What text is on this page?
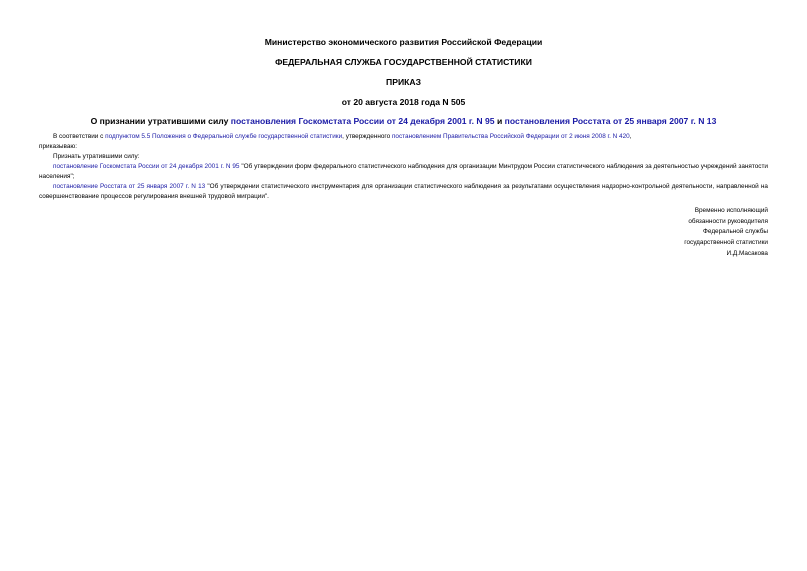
Министерство экономического развития Российской Федерации
ФЕДЕРАЛЬНАЯ СЛУЖБА ГОСУДАРСТВЕННОЙ СТАТИСТИКИ
ПРИКАЗ
от 20 августа 2018 года N 505
О признании утратившими силу постановления Госкомстата России от 24 декабря 2001 г. N 95 и постановления Росстата от 25 января 2007 г. N 13

В соответствии с подпунктом 5.5 Положения о Федеральной службе государственной статистики, утвержденного постановлением Правительства Российской Федерации от 2 июня 2008 г. N 420,

приказываю:

Признать утратившими силу:

постановление Госкомстата России от 24 декабря 2001 г. N 95 "Об утверждении форм федерального статистического наблюдения для организации Минтрудом России статистического наблюдения за деятельностью учреждений занятости населения";

постановление Росстата от 25 января 2007 г. N 13 "Об утверждении статистического инструментария для организации статистического наблюдения за результатами осуществления надзорно-контрольной деятельности, направленной на совершенствование процессов регулирования внешней трудовой миграции".

Временно исполняющий
обязанности руководителя
Федеральной службы
государственной статистики
И.Д.Масакова
